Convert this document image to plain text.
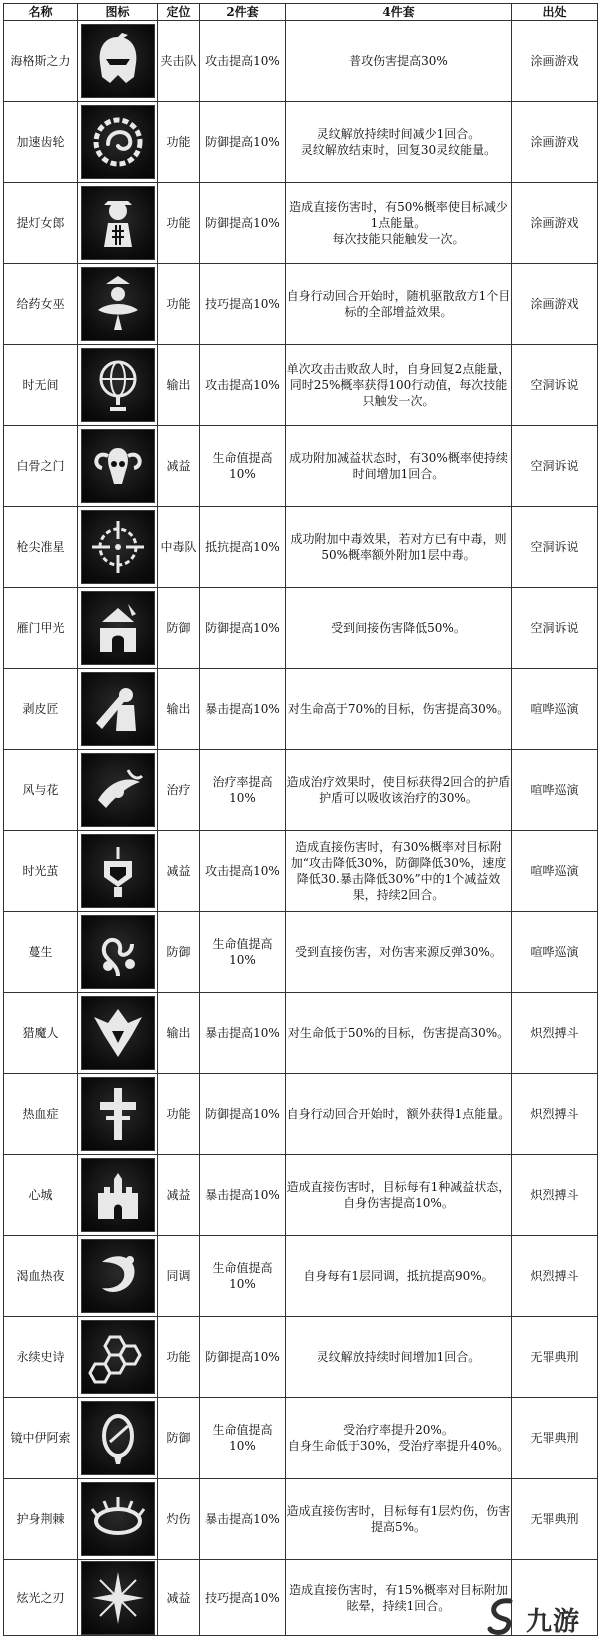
名称	图标	定位	2件套	4件套	出处
海格斯之力		夹击队	攻击提高10%	普攻伤害提高30%	涂画游戏
加速齿轮		功能	防御提高10%	灵纹解放持续时间减少1回合。
灵纹解放结束时，回复30灵纹能量。	涂画游戏
提灯女郎		功能	防御提高10%	造成直接伤害时，有50%概率使目标减少1点能量。
每次技能只能触发一次。	涂画游戏
给药女巫		功能	技巧提高10%	自身行动回合开始时，随机驱散敌方1个目标的全部增益效果。	涂画游戏
时无间		输出	攻击提高10%	单次攻击击败敌人时，自身回复2点能量，同时25%概率获得100行动值，每次技能只触发一次。	空洞诉说
白骨之门		减益	生命值提高10%	成功附加减益状态时，有30%概率使持续时间增加1回合。	空洞诉说
枪尖准星		中毒队	抵抗提高10%	成功附加中毒效果，若对方已有中毒，则50%概率额外附加1层中毒。	空洞诉说
雁门甲光		防御	防御提高10%	受到间接伤害降低50%。	空洞诉说
剥皮匠		输出	暴击提高10%	对生命高于70%的目标，伤害提高30%。	喧哗巡演
风与花		治疗	治疗率提高10%	造成治疗效果时，使目标获得2回合的护盾
护盾可以吸收该治疗的30%。	喧哗巡演
时光茧		减益	攻击提高10%	造成直接伤害时，有30%概率对目标附加“攻击降低30%，防御降低30%，速度降低30.暴击降低30%”中的1个减益效果，持续2回合。	喧哗巡演
蔓生		防御	生命值提高10%	受到直接伤害，对伤害来源反弹30%。	喧哗巡演
猎魔人		输出	暴击提高10%	对生命低于50%的目标，伤害提高30%。	炽烈搏斗
热血症		功能	防御提高10%	自身行动回合开始时，额外获得1点能量。	炽烈搏斗
心城		减益	暴击提高10%	造成直接伤害时，目标每有1种减益状态，自身伤害提高10%。	炽烈搏斗
渴血热夜		同调	生命值提高10%	自身每有1层同调，抵抗提高90%。	炽烈搏斗
永续史诗		功能	防御提高10%	灵纹解放持续时间增加1回合。	无罪典刑
镜中伊阿索		防御	生命值提高10%	受治疗率提升20%。
自身生命低于30%，受治疗率提升40%。	无罪典刑
护身荆棘		灼伤	暴击提高10%	造成直接伤害时，目标每有1层灼伤，伤害提高5%。	无罪典刑
炫光之刃		减益	技巧提高10%	造成直接伤害时，有15%概率对目标附加眩晕，持续1回合。	
九游
